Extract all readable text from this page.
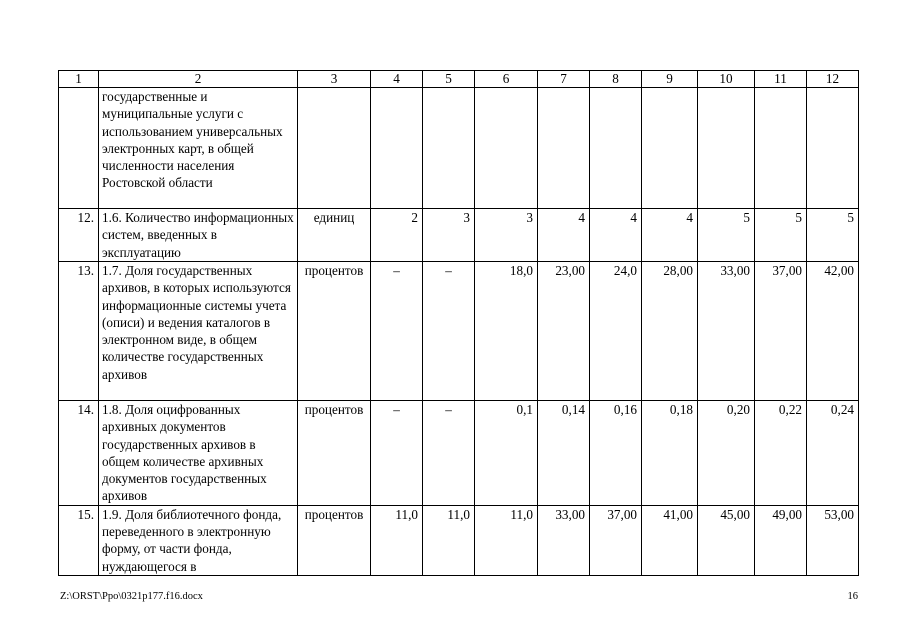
1	2	3	4	5	6	7	8	9	10	11	12
	государственные и муниципальные услуги с использованием универсальных электронных карт, в общей численности населения Ростовской области										
12.	1.6. Количество информационных систем, введенных в эксплуатацию	единиц	2	3	3	4	4	4	5	5	5
13.	1.7. Доля государственных архивов, в которых используются информационные системы учета (описи) и ведения каталогов в электронном виде, в общем количестве государственных архивов	процентов	–	–	18,0	23,00	24,0	28,00	33,00	37,00	42,00
14.	1.8. Доля оцифрованных архивных документов государственных архивов в общем количестве архивных документов государственных архивов	процентов	–	–	0,1	0,14	0,16	0,18	0,20	0,22	0,24
15.	1.9. Доля библиотечного фонда, переведенного в электронную форму, от части фонда, нуждающегося в	процентов	11,0	11,0	11,0	33,00	37,00	41,00	45,00	49,00	53,00
Z:\ORST\Ppo\0321p177.f16.docx	16
